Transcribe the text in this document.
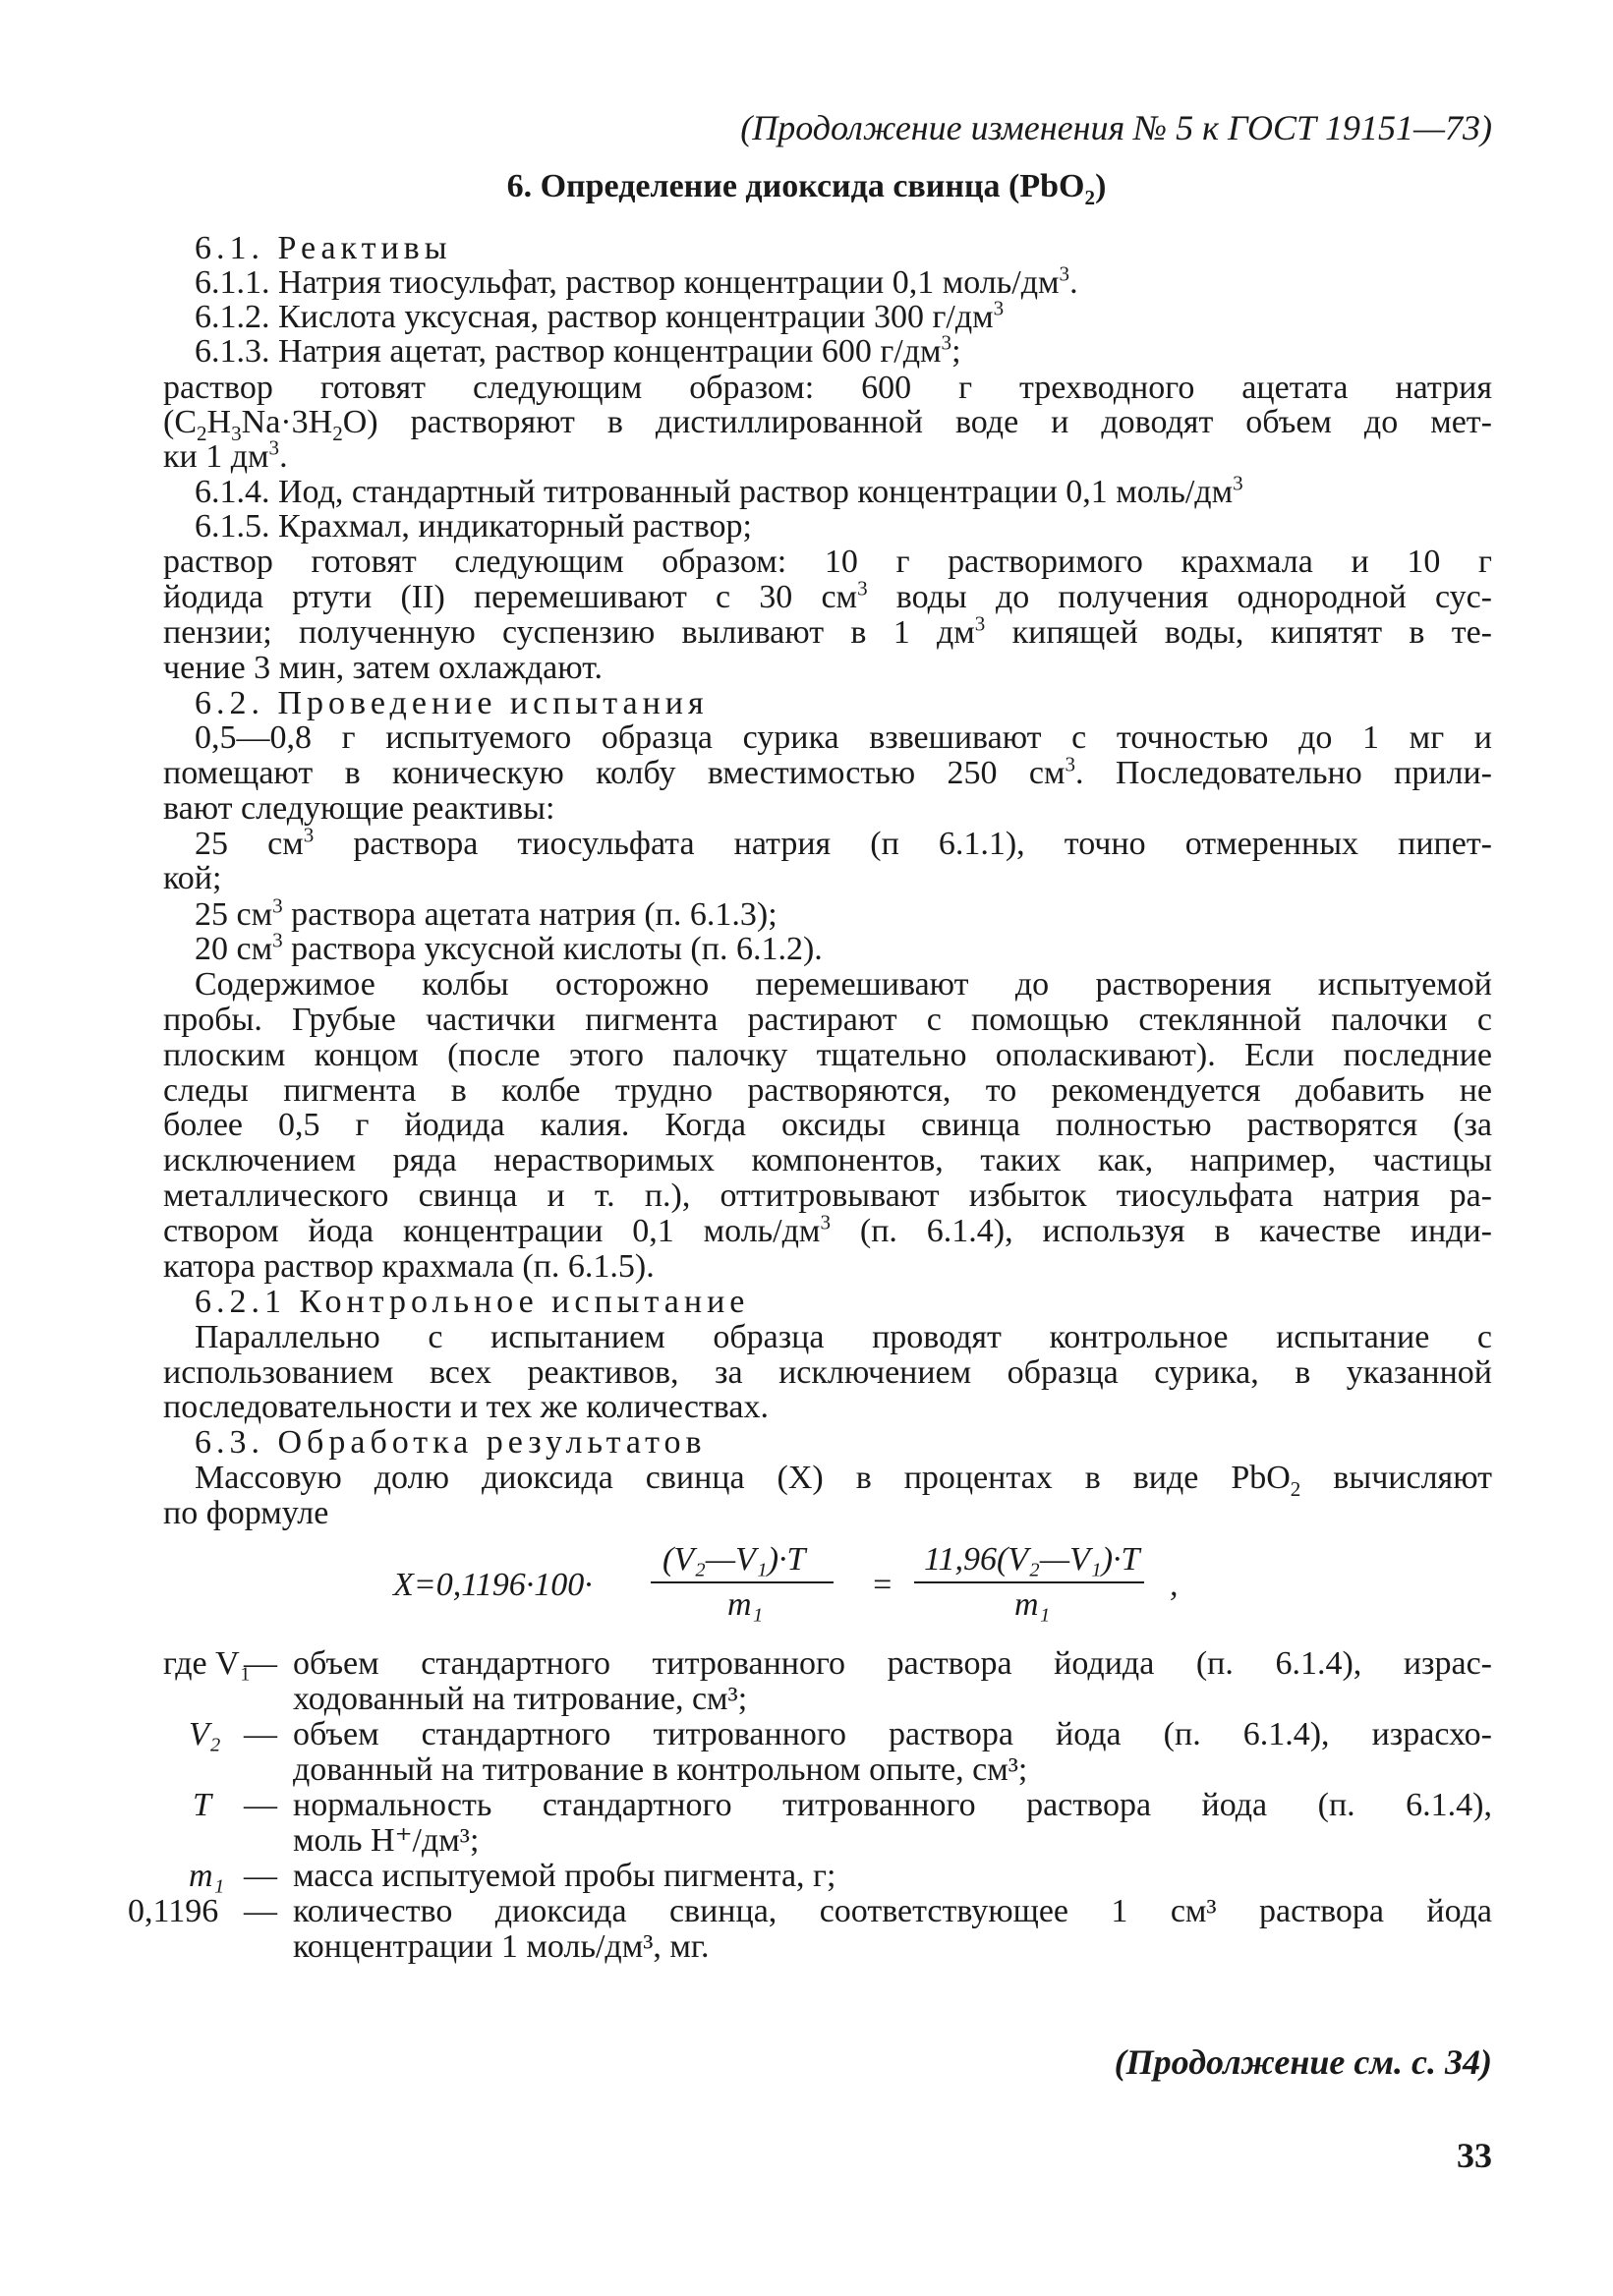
(Продолжение изменения № 5 к ГОСТ 19151—73)
6. Определение диоксида свинца (PbO$_2$)
6.1. Реактивы
6.1.1. Натрия тиосульфат, раствор концентрации 0,1 моль/$дм^3$.
6.1.2. Кислота уксусная, раствор концентрации 300 $г/дм^3$
6.1.3. Натрия ацетат, раствор концентрации 600 $г/дм^3$;
раствор готовят следующим образом: 600 г трехводного ацетата натрия
$(C_2H_3Na\cdot 3H_2O)$ растворяют в дистиллированной воде и доводят объем до мет-
ки 1 $дм^3$.
6.1.4. Иод, стандартный титрованный раствор концентрации 0,1 моль/$дм^3$
6.1.5. Крахмал, индикаторный раствор;
раствор готовят следующим образом: 10 г растворимого крахмала и 10 г
йодида ртути (II) перемешивают с 30 $см^3$ воды до получения однородной сус-
пензии; полученную суспензию выливают в 1 $дм^3$ кипящей воды, кипятят в те-
чение 3 мин, затем охлаждают.
6.2. Проведение испытания
0,5—0,8 г испытуемого образца сурика взвешивают с точностью до 1 мг и
помещают в коническую колбу вместимостью 250 $см^3$. Последовательно прили-
вают следующие реактивы:
25 $см^3$ раствора тиосульфата натрия (п 6.1.1), точно отмеренных пипет-
кой;
25 $см^3$ раствора ацетата натрия (п. 6.1.3);
20 $см^3$ раствора уксусной кислоты (п. 6.1.2).
Содержимое колбы осторожно перемешивают до растворения испытуемой
пробы. Грубые частички пигмента растирают с помощью стеклянной палочки с
плоским концом (после этого палочку тщательно ополаскивают). Если последние
следы пигмента в колбе трудно растворяются, то рекомендуется добавить не
более 0,5 г йодида калия. Когда оксиды свинца полностью растворятся (за
исключением ряда нерастворимых компонентов, таких как, например, частицы
металлического свинца и т. п.), оттитровывают избыток тиосульфата натрия ра-
створом йода концентрации 0,1 моль/$дм^3$ (п. 6.1.4), используя в качестве инди-
катора раствор крахмала (п. 6.1.5).
6.2.1 Контрольное испытание
Параллельно с испытанием образца проводят контрольное испытание с
использованием всех реактивов, за исключением образца сурика, в указанной
последовательности и тех же количествах.
6.3. Обработка результатов
Массовую долю диоксида свинца (X) в процентах в виде PbO$_2$ вычисляют
по формуле
X=0,1196·100·
(V₂—V₁)·T
m₁
=
11,96(V₂—V₁)·T
m₁
,
где V₁
— объем стандартного титрованного раствора йодида (п. 6.1.4), израс-
ходованный на титрование, см³;
V₂ — объем стандартного титрованного раствора йода (п. 6.1.4), израсхо-
дованный на титрование в контрольном опыте, см³;
T — нормальность стандартного титрованного раствора йода (п. 6.1.4),
моль H⁺/дм³;
m₁ — масса испытуемой пробы пигмента, г;
0,1196 — количество диоксида свинца, соответствующее 1 см³ раствора йода
концентрации 1 моль/дм³, мг.
(Продолжение см. с. 34)
33
